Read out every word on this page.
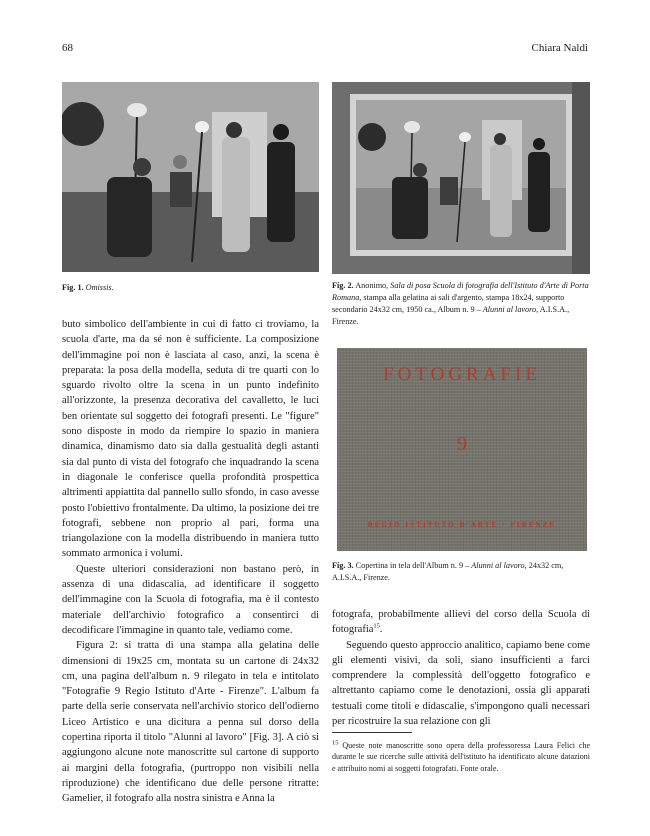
68	Chiara Naldi
Fig. 1. Omissis.	Fig. 2. Anonimo, Sala di posa Scuola di fotografia dell'Istituto d'Arte di Porta Romana, stampa alla gelatina ai sali d'argento, stampa 18x24, supporto secondario 24x32 cm, 1950 ca., Album n. 9 – Alunni al lavoro, A.I.S.A., Firenze.
FOTOGRAFIE
9
REGIO ISTITUTO D'ARTE · FIRENZE
Fig. 3. Copertina in tela dell'Album n. 9 – Alunni al lavoro, 24x32 cm, A.I.S.A., Firenze.

buto simbolico dell'ambiente in cui di fatto ci troviamo, la scuola d'arte, ma da sé non è sufficiente. La composizione dell'immagine poi non è lasciata al caso, anzi, la scena è preparata: la posa della modella, seduta di tre quarti con lo sguardo rivolto oltre la scena in un punto indefinito all'orizzonte, la presenza decorativa del cavalletto, le luci ben orientate sul soggetto dei fotografi presenti. Le "figure" sono disposte in modo da riempire lo spazio in maniera dinamica, dinamismo dato sia dalla gestualità degli astanti sia dal punto di vista del fotografo che inquadrando la scena in diagonale le conferisce quella profondità prospettica altrimenti appiattita dal pannello sullo sfondo, in caso avesse posto l'obiettivo frontalmente. Da ultimo, la posizione dei tre fotografi, sebbene non proprio al pari, forma una triangolazione con la modella distribuendo in maniera tutto sommato armonica i volumi.

Queste ulteriori considerazioni non bastano però, in assenza di una didascalia, ad identificare il soggetto dell'immagine con la Scuola di fotografia, ma è il contesto materiale dell'archivio fotografico a consentirci di decodificare l'immagine in quanto tale, vediamo come.

Figura 2: si tratta di una stampa alla gelatina delle dimensioni di 19x25 cm, montata su un cartone di 24x32 cm, una pagina dell'album n. 9 rilegato in tela e intitolato "Fotografie 9 Regio Istituto d'Arte - Firenze". L'album fa parte della serie conservata nell'archivio storico dell'odierno Liceo Artistico e una dicitura a penna sul dorso della copertina riporta il titolo "Alunni al lavoro" [Fig. 3]. A ciò si aggiungono alcune note manoscritte sul cartone di supporto ai margini della fotografia, (purtroppo non visibili nella riproduzione) che identificano due delle persone ritratte: Gamelier, il fotografo alla nostra sinistra e Anna la

fotografa, probabilmente allievi del corso della Scuola di fotografia$^{15}$.

Seguendo questo approccio analitico, capiamo bene come gli elementi visivi, da soli, siano insufficienti a farci comprendere la complessità dell'oggetto fotografico e altrettanto capiamo come le denotazioni, ossia gli apparati testuali come titoli e didascalie, s'impongono quali necessari per ricostruire la sua relazione con gli

$^{15}$ Queste note manoscritte sono opera della professoressa Laura Felici che durante le sue ricerche sulle attività dell'istituto ha identificato alcune datazioni e attribuito nomi ai soggetti fotografati. Fonte orale.
